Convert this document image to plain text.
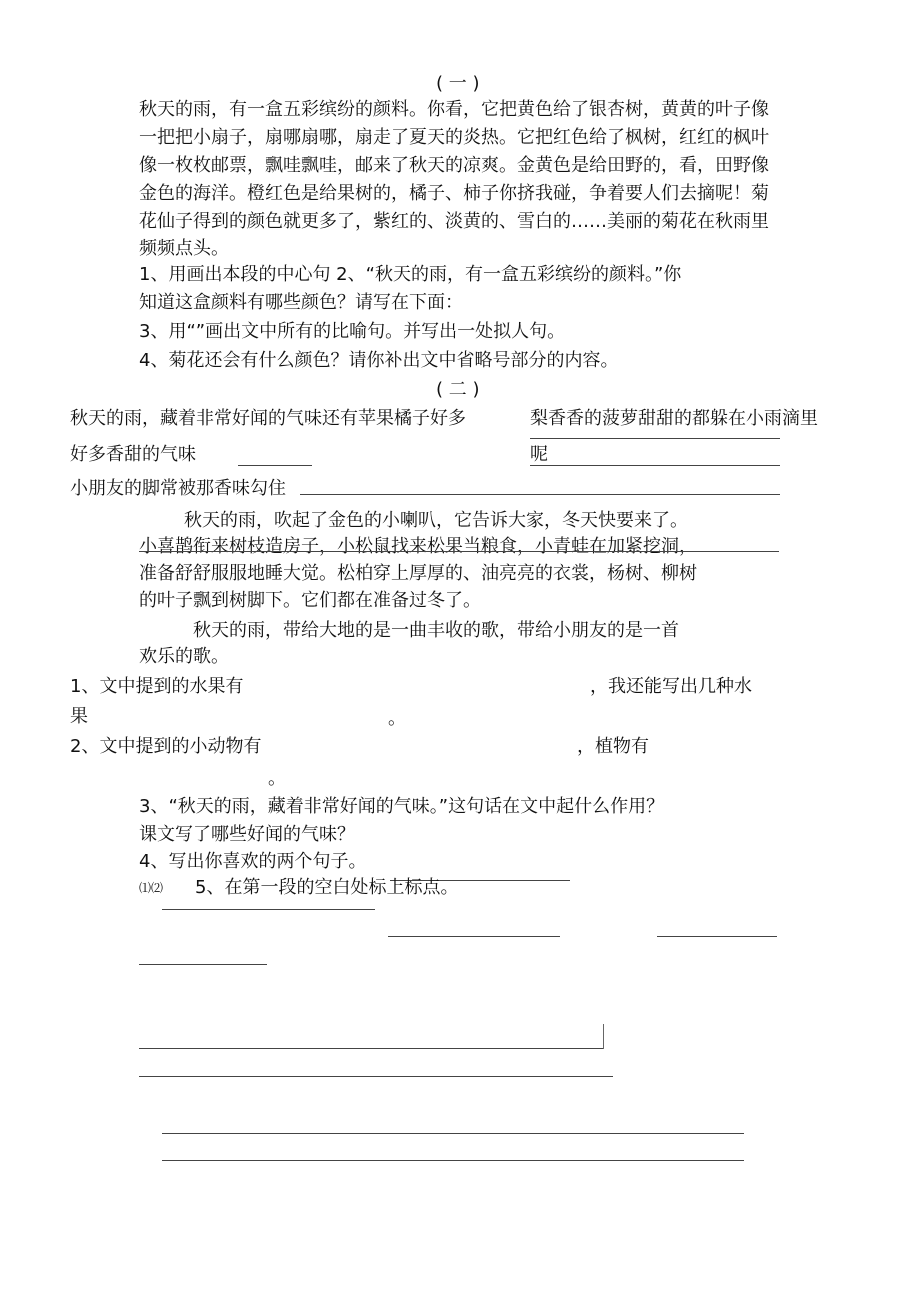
( 一 )
秋天的雨，有一盒五彩缤纷的颜料。你看，它把黄色给了银杏树，黄黄的叶子像
一把把小扇子，扇哪扇哪，扇走了夏天的炎热。它把红色给了枫树，红红的枫叶
像一枚枚邮票，飘哇飘哇，邮来了秋天的凉爽。金黄色是给田野的，看，田野像
金色的海洋。橙红色是给果树的，橘子、柿子你挤我碰，争着要人们去摘呢！菊
花仙子得到的颜色就更多了，紫红的、淡黄的、雪白的……美丽的菊花在秋雨里
频频点头。
1、用画出本段的中心句 2、“秋天的雨，有一盒五彩缤纷的颜料。”你
知道这盒颜料有哪些颜色？请写在下面：
3、用“”画出文中所有的比喻句。并写出一处拟人句。
4、菊花还会有什么颜色？请你补出文中省略号部分的内容。
( 二 )
秋天的雨，藏着非常好闻的气味还有苹果橘子好多	梨香香的菠萝甜甜的都躲在小雨滴里
好多香甜的气味	呢
小朋友的脚常被那香味勾住
秋天的雨，吹起了金色的小喇叭，它告诉大家，冬天快要来了。
小喜鹊衔来树枝造房子，小松鼠找来松果当粮食，小青蛙在加紧挖洞，
准备舒舒服服地睡大觉。松柏穿上厚厚的、油亮亮的衣裳，杨树、柳树
的叶子飘到树脚下。它们都在准备过冬了。
秋天的雨，带给大地的是一曲丰收的歌，带给小朋友的是一首
欢乐的歌。
1、文中提到的水果有	，我还能写出几种水
果	。
2、文中提到的小动物有	，植物有
。
3、“秋天的雨，藏着非常好闻的气味。”这句话在文中起什么作用？
课文写了哪些好闻的气味？
4、写出你喜欢的两个句子。
⑴⑵ 5、在第一段的空白处标上标点。
